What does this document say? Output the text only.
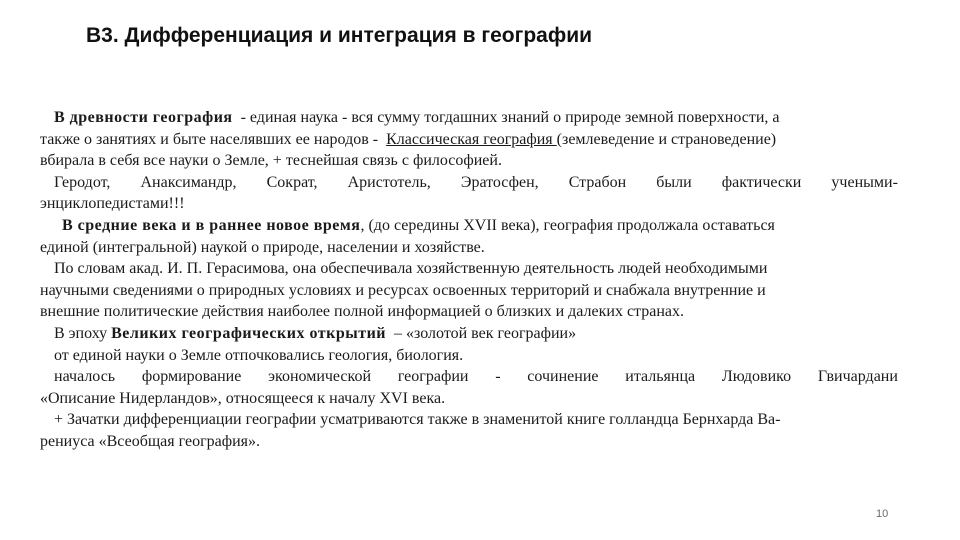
В3. Дифференциация и интеграция в географии
В древности география  - единая наука - вся сумму тогдашних знаний о природе земной поверхности, а
также о занятиях и быте населявших ее народов -  Классическая география (землеведение и страноведение)
вбирала в себя все науки о Земле, + теснейшая связь с философией.
Геродот, Анаксимандр, Сократ, Аристотель, Эратосфен, Страбон были фактически учеными-
энциклопедистами!!!
В средние века и в раннее новое время, (до середины XVII века), география продолжала оставаться
единой (интегральной) наукой о природе, населении и хозяйстве.
По словам акад. И. П. Герасимова, она обеспечивала хозяйственную деятельность людей необходимыми
научными сведениями о природных условиях и ресурсах освоенных территорий и снабжала внутренние и
внешние политические действия наиболее полной информацией о близких и далеких странах.
В эпоху Великих географических открытий  – «золотой век географии»
от единой науки о Земле отпочковались геология, биология.
началось формирование экономической географии - сочинение итальянца Людовико Гвичардани
«Описание Нидерландов», относящееся к началу XVI века.
+ Зачатки дифференциации географии усматриваются также в знаменитой книге голландца Бернхарда Ва-
рениуса «Всеобщая география».
10
